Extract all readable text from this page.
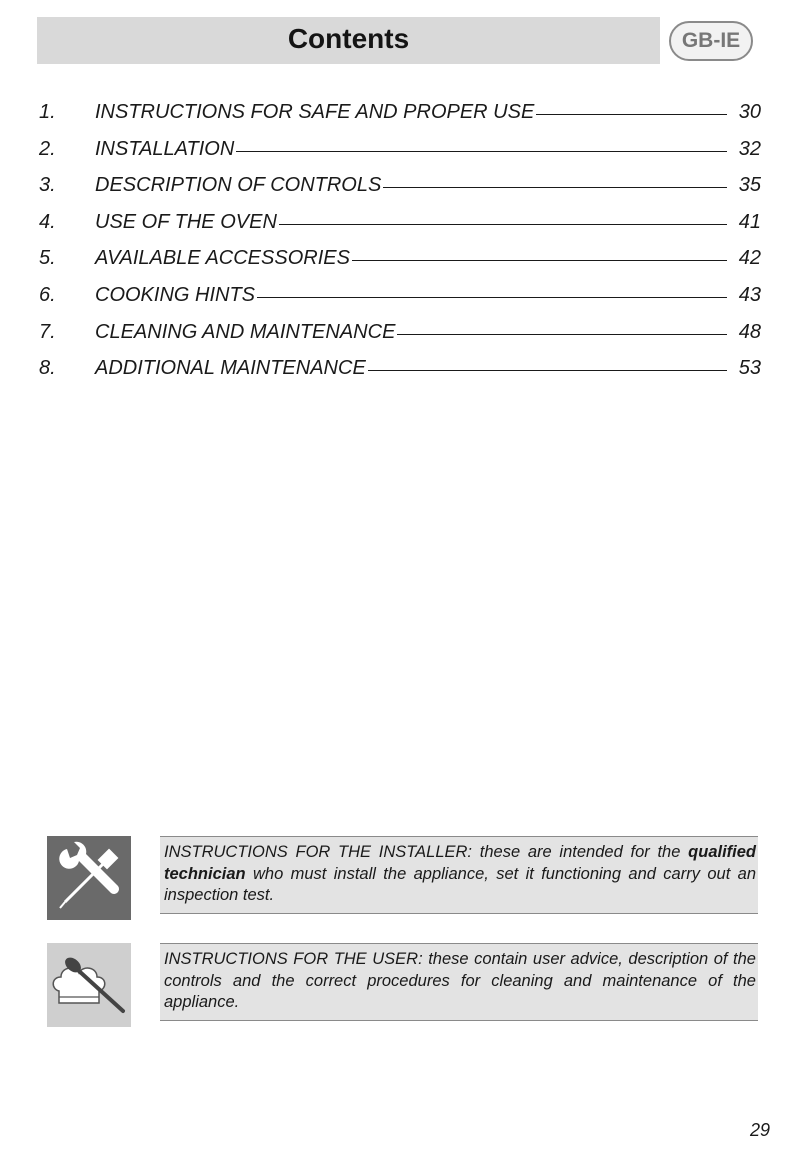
Contents	GB-IE
1. INSTRUCTIONS FOR SAFE AND PROPER USE	30
2. INSTALLATION	32
3. DESCRIPTION OF CONTROLS	35
4. USE OF THE OVEN	41
5. AVAILABLE ACCESSORIES	42
6. COOKING HINTS	43
7. CLEANING AND MAINTENANCE	48
8. ADDITIONAL MAINTENANCE	53
INSTRUCTIONS FOR THE INSTALLER: these are intended for the qualified technician who must install the appliance, set it functioning and carry out an inspection test.
INSTRUCTIONS FOR THE USER: these contain user advice, description of the controls and the correct procedures for cleaning and maintenance of the appliance.
29
